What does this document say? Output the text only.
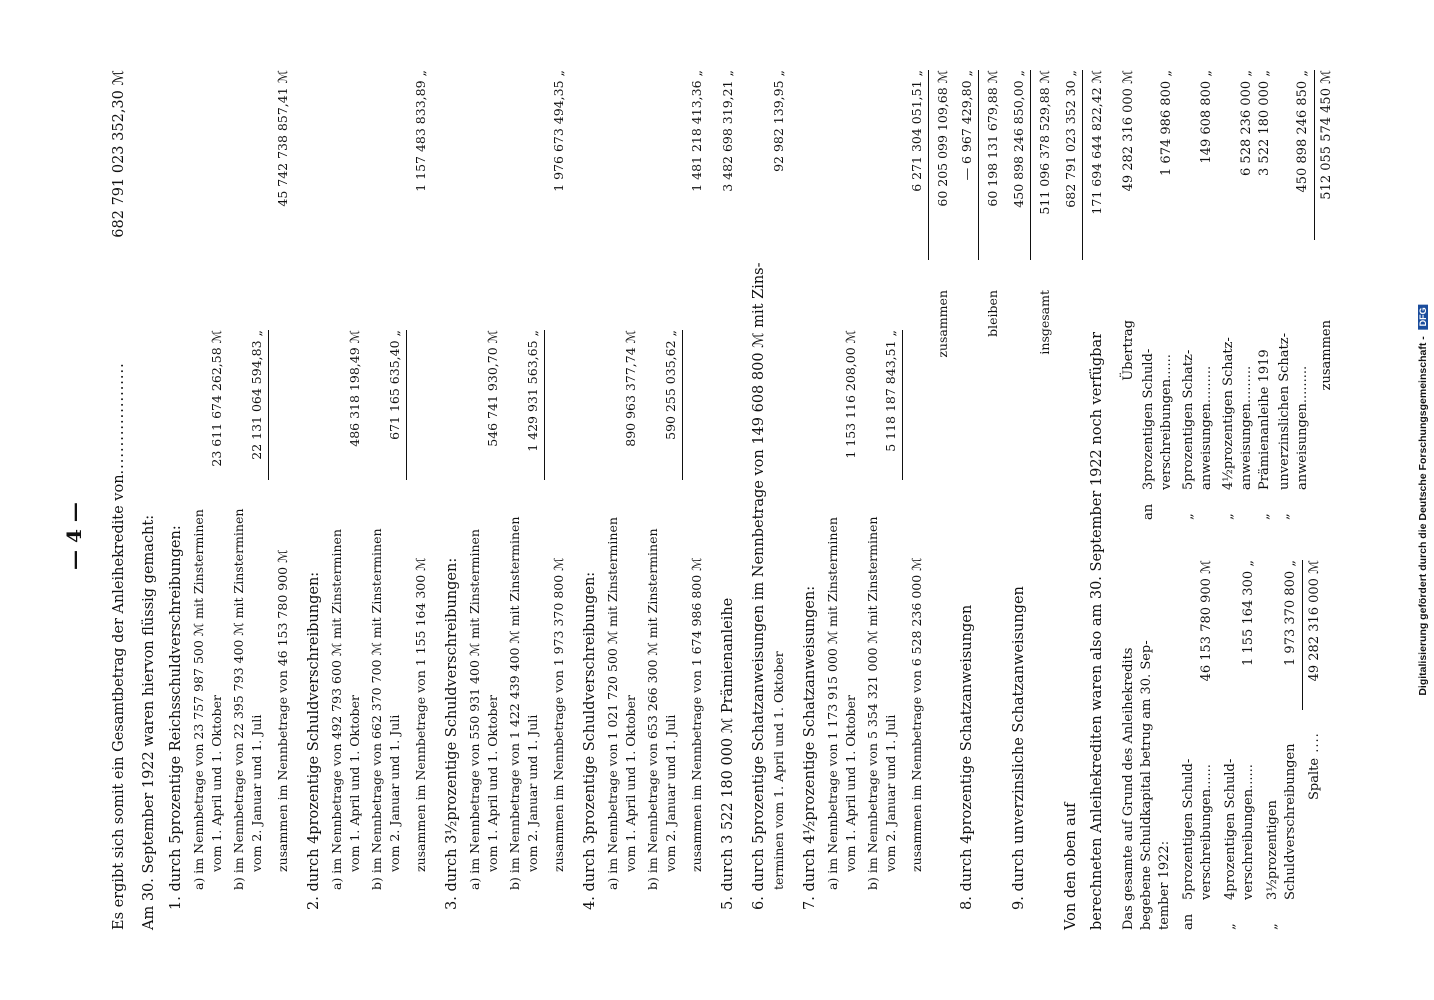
— 4 — Es ergibt sich somit ein Gesamtbetrag der Anleihekredite von....................
682 791 023 352,30 ℳ
Am 30. September 1922 waren hiervon flüssig gemacht: 1. durch 5prozentige Reichsschuldverschreibungen: a) im Nennbetrage von 23 757 987 500 ℳ mit Zinsterminen vom 1. April und 1. Oktober
23 611 674 262,58 ℳ
b) im Nennbetrage von 22 395 793 400 ℳ mit Zinsterminen vom 2. Januar und 1. Juli
22 131 064 594,83 „
zusammen im Nennbetrage von 46 153 780 900 ℳ
45 742 738 857,41 ℳ
2. durch 4prozentige Schuldverschreibungen: a) im Nennbetrage von 492 793 600 ℳ mit Zinsterminen vom 1. April und 1. Oktober
486 318 198,49 ℳ
b) im Nennbetrage von 662 370 700 ℳ mit Zinsterminen vom 2. Januar und 1. Juli
671 165 635,40 „
zusammen im Nennbetrage von 1 155 164 300 ℳ
1 157 483 833,89 „
3. durch 3½prozentige Schuldverschreibungen: a) im Nennbetrage von 550 931 400 ℳ mit Zinsterminen vom 1. April und 1. Oktober
546 741 930,70 ℳ
b) im Nennbetrage von 1 422 439 400 ℳ mit Zinsterminen vom 2. Januar und 1. Juli
1 429 931 563,65 „
zusammen im Nennbetrage von 1 973 370 800 ℳ
1 976 673 494,35 „
4. durch 3prozentige Schuldverschreibungen: a) im Nennbetrage von 1 021 720 500 ℳ mit Zinsterminen vom 1. April und 1. Oktober
890 963 377,74 ℳ
b) im Nennbetrage von 653 266 300 ℳ mit Zinsterminen vom 2. Januar und 1. Juli
590 255 035,62 „
zusammen im Nennbetrage von 1 674 986 800 ℳ
1 481 218 413,36 „
5. durch 3 522 180 000 ℳ Prämienanleihe
3 482 698 319,21 „
6. durch 5prozentige Schatzanweisungen im Nennbetrage von 149 608 800 ℳ mit Zins- terminen vom 1. April und 1. Oktober
92 982 139,95 „
7. durch 4½prozentige Schatzanweisungen: a) im Nennbetrage von 1 173 915 000 ℳ mit Zinsterminen vom 1. April und 1. Oktober
1 153 116 208,00 ℳ
b) im Nennbetrage von 5 354 321 000 ℳ mit Zinsterminen vom 2. Januar und 1. Juli
5 118 187 843,51 „
zusammen im Nennbetrage von 6 528 236 000 ℳ
6 271 304 051,51 „
zusammen
60 205 099 109,68 ℳ
8. durch 4prozentige Schatzanweisungen
— 6 967 429,80 „
bleiben
60 198 131 679,88 ℳ
9. durch unverzinsliche Schatzanweisungen
450 898 246 850,00 „
insgesamt
511 096 378 529,88 ℳ
Von den oben auf
682 791 023 352 30 „
berechneten Anleihekrediten waren also am 30. September 1922 noch verfügbar
171 694 644 822,42 ℳ
Das gesamte auf Grund des Anleihekredits begebene Schuldkapital betrug am 30. Sep- tember 1922: an
5prozentigen Schuld- verschreibungen......
46 153 780 900 ℳ
„
4prozentigen Schuld- verschreibungen......
1 155 164 300 „
„
3½prozentigen Schuldverschreibungen
1 973 370 800 „
Spalte ....
49 282 316 000 ℳ
Übertrag
49 282 316 000 ℳ
an
3prozentigen Schuld- verschreibungen......
1 674 986 800 „
„
5prozentigen Schatz- anweisungen.........
149 608 800 „
„
4½prozentigen Schatz- anweisungen.........
6 528 236 000 „
„
Prämienanleihe 1919
3 522 180 000 „
„
unverzinslichen Schatz- anweisungen.........
450 898 246 850 „
zusammen
512 055 574 450 ℳ
Digitalisierung gefördert durch die Deutsche Forschungsgemeinschaft - DFG
